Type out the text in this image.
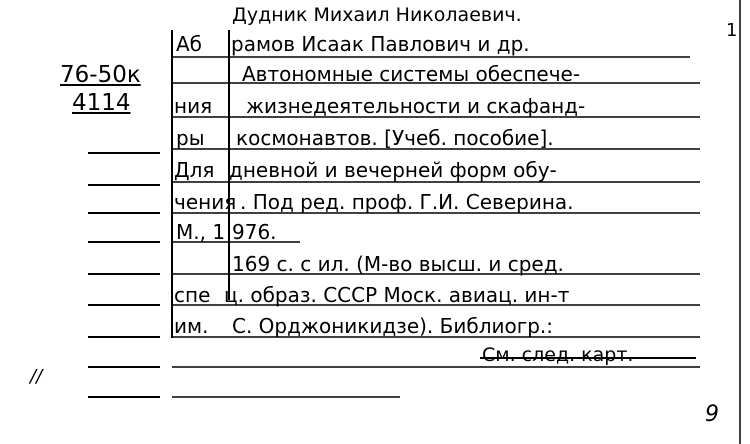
Дудник Михаил Николаевич.
1
76-50к
4114
//
9
Аб рамов Исаак Павлович и др.
Автономные системы обеспече-
ния жизнедеятельности и скафанд-
ры космонавтов. [Учеб. пособие].
Для дневной и вечерней форм обу-
чения . Под ред. проф. Г.И. Северина.
М., 1 976.
169 с. с ил. (М-во высш. и сред.
спе ц. образ. СССР Моск. авиац. ин-т
им. С. Орджоникидзе). Библиогр.:
См. след. карт.
